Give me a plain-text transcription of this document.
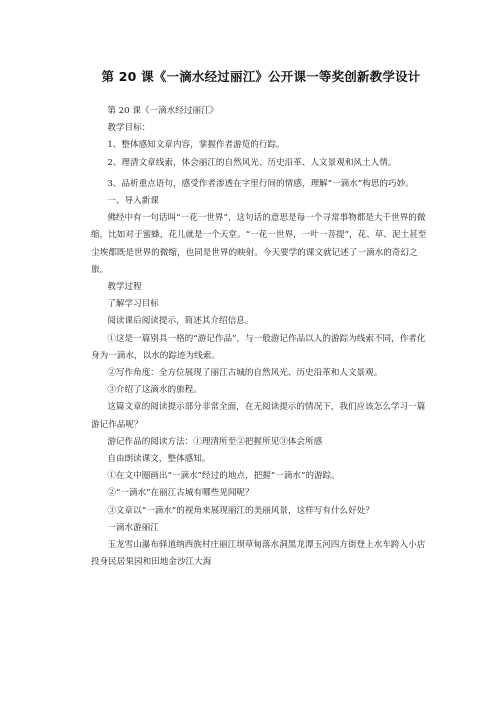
第 20 课《一滴水经过丽江》公开课一等奖创新教学设计

第 20 课《一滴水经过丽江》

教学目标：

1、整体感知文章内容，掌握作者游览的行踪。

2、理清文章线索，体会丽江的自然风光、历史沿革、人文景观和风土人情。

3、品析重点语句，感受作者渗透在字里行间的情感，理解“一滴水”构思的巧妙。

一、导入新课

佛经中有一句话叫“一花一世界”，这句话的意思是每一个寻常事物都是大千世界的微缩，比如对于蜜蜂，花儿就是一个天堂。“一花一世界，一叶一菩提”，花、草、泥土甚至尘埃都既是世界的微缩，也同是世界的映射。今天要学的课文就记述了一滴水的奇幻之旅。

教学过程

了解学习目标

阅读课后阅读提示，简述其介绍信息。

①这是一篇别具一格的“游记作品”，与一般游记作品以人的游踪为线索不同，作者化身为一滴水，以水的踪迹为线索。

②写作角度：全方位展现了丽江古城的自然风光、历史沿革和人文景观。

③介绍了这滴水的旅程。

这篇文章的阅读提示部分非常全面，在无阅读提示的情况下，我们应该怎么学习一篇游记作品呢？

游记作品的阅读方法：①理清所至②把握所见③体会所感

自由朗读课文，整体感知。

①在文中圈画出“一滴水”经过的地点，把握“一滴水”的游踪。

②“一滴水”在丽江古城有哪些见闻呢？

③文章以“一滴水”的视角来展现丽江的美丽风景，这样写有什么好处？

一滴水游丽江

玉龙雪山瀑布驿道纳西族村庄丽江坝草甸落水洞黑龙潭玉河四方街登上水车跨入小店投身民居果园和田地金沙江大海
